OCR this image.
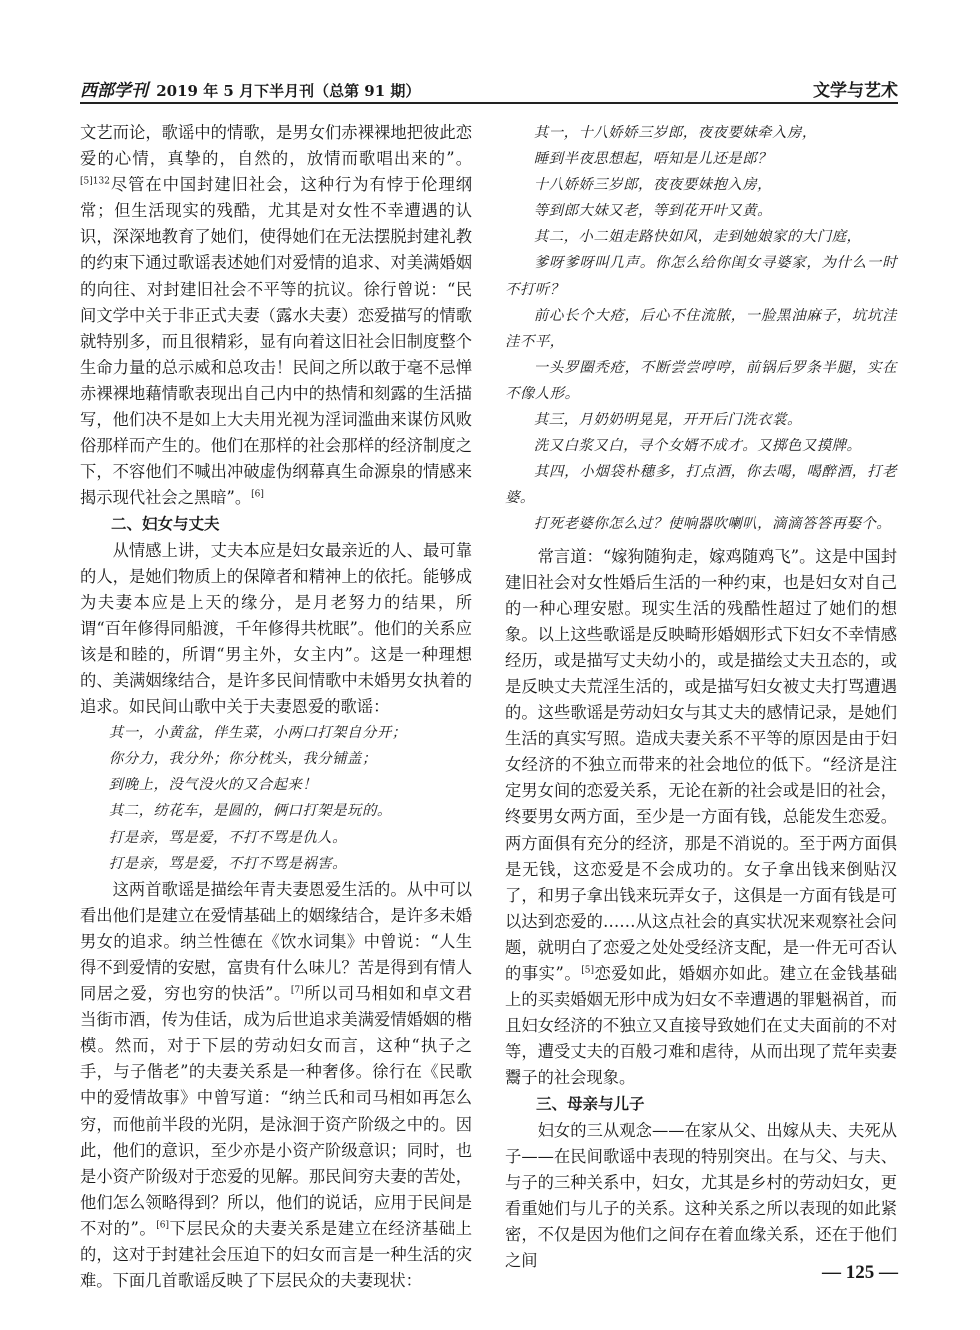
西部学刊 2019 年 5 月下半月刊（总第 91 期）	文学与艺术

文艺而论，歌谣中的情歌，是男女们赤裸裸地把彼此恋爱的心情，真挚的，自然的，放情而歌唱出来的”。$^{[5]132}$尽管在中国封建旧社会，这种行为有悖于伦理纲常；但生活现实的残酷，尤其是对女性不幸遭遇的认识，深深地教育了她们，使得她们在无法摆脱封建礼教的约束下通过歌谣表述她们对爱情的追求、对美满婚姻的向往、对封建旧社会不平等的抗议。徐行曾说：“民间文学中关于非正式夫妻（露水夫妻）恋爱描写的情歌就特别多，而且很精彩，显有向着这旧社会旧制度整个生命力量的总示威和总攻击！民间之所以敢于毫不忌惮赤裸裸地藉情歌表现出自己内中的热情和刻露的生活描写，他们决不是如上大夫用光视为淫词滥曲来谋仿风败俗那样而产生的。他们在那样的社会那样的经济制度之下，不容他们不喊出冲破虚伪纲幕真生命源泉的情感来揭示现代社会之黑暗”。[6]

二、妇女与丈夫

从情感上讲，丈夫本应是妇女最亲近的人、最可靠的人，是她们物质上的保障者和精神上的依托。能够成为夫妻本应是上天的缘分，是月老努力的结果，所谓“百年修得同船渡，千年修得共枕眠”。他们的关系应该是和睦的，所谓“男主外，女主内”。这是一种理想的、美满姻缘结合，是许多民间情歌中未婚男女执着的追求。如民间山歌中关于夫妻恩爱的歌谣：

其一，小黄盆，伴生菜，小两口打架自分开；

你分力，我分外；你分枕头，我分铺盖；

到晚上，没气没火的又合起来！

其二，纺花车，是圆的，俩口打架是玩的。

打是亲，骂是爱，不打不骂是仇人。

打是亲，骂是爱，不打不骂是祸害。

这两首歌谣是描绘年青夫妻恩爱生活的。从中可以看出他们是建立在爱情基础上的姻缘结合，是许多未婚男女的追求。纳兰性德在《饮水词集》中曾说：“人生得不到爱情的安慰，富贵有什么味儿？苦是得到有情人同居之爱，穷也穷的快活”。[7]所以司马相如和卓文君当街市酒，传为佳话，成为后世追求美满爱情婚姻的楷模。然而，对于下层的劳动妇女而言，这种“执子之手，与子偕老”的夫妻关系是一种奢侈。徐行在《民歌中的爱情故事》中曾写道：“纳兰氏和司马相如再怎么穷，而他前半段的光阴，是泳洄于资产阶级之中的。因此，他们的意识，至少亦是小资产阶级意识；同时，也是小资产阶级对于恋爱的见解。那民间穷夫妻的苦处，他们怎么领略得到？所以，他们的说话，应用于民间是不对的”。[6]下层民众的夫妻关系是建立在经济基础上的，这对于封建社会压迫下的妇女而言是一种生活的灾难。下面几首歌谣反映了下层民众的夫妻现状：

其一，十八娇娇三岁郎，夜夜要妹牵入房，

睡到半夜思想起，唔知是儿还是郎？

十八娇娇三岁郎，夜夜要妹抱入房，

等到郎大妹又老，等到花开叶又黄。

其二，小二姐走路快如风，走到她娘家的大门庭，

爹呀爹呀叫几声。你怎么给你闺女寻婆家，为什么一时不打听？

前心长个大疮，后心不住流脓，一脸黑油麻子，坑坑洼洼不平，

一头罗圈秃疮，不断尝尝哼哼，前锅后罗条半腿，实在不像人形。

其三，月奶奶明晃晃，开开后门洗衣裳。

洗又白浆又白，寻个女婿不成才。又掷色又摸牌。

其四，小烟袋朴穗多，打点酒，你去喝，喝醉酒，打老婆。

打死老婆你怎么过？使响器吹喇叭，滴滴答答再娶个。

常言道：“嫁狗随狗走，嫁鸡随鸡飞”。这是中国封建旧社会对女性婚后生活的一种约束，也是妇女对自己的一种心理安慰。现实生活的残酷性超过了她们的想象。以上这些歌谣是反映畸形婚姻形式下妇女不幸情感经历，或是描写丈夫幼小的，或是描绘丈夫丑态的，或是反映丈夫荒淫生活的，或是描写妇女被丈夫打骂遭遇的。这些歌谣是劳动妇女与其丈夫的感情记录，是她们生活的真实写照。造成夫妻关系不平等的原因是由于妇女经济的不独立而带来的社会地位的低下。“经济是注定男女间的恋爱关系，无论在新的社会或是旧的社会，终要男女两方面，至少是一方面有钱，总能发生恋爱。两方面俱有充分的经济，那是不消说的。至于两方面俱是无钱，这恋爱是不会成功的。女子拿出钱来倒贴汉了，和男子拿出钱来玩弄女子，这俱是一方面有钱是可以达到恋爱的……从这点社会的真实状况来观察社会问题，就明白了恋爱之处处受经济支配，是一件无可否认的事实”。[5]恋爱如此，婚姻亦如此。建立在金钱基础上的买卖婚姻无形中成为妇女不幸遭遇的罪魁祸首，而且妇女经济的不独立又直接导致她们在丈夫面前的不对等，遭受丈夫的百般刁难和虐待，从而出现了荒年卖妻鬻子的社会现象。

三、母亲与儿子

妇女的三从观念——在家从父、出嫁从夫、夫死从子——在民间歌谣中表现的特别突出。在与父、与夫、与子的三种关系中，妇女，尤其是乡村的劳动妇女，更看重她们与儿子的关系。这种关系之所以表现的如此紧密，不仅是因为他们之间存在着血缘关系，还在于他们之间

— 125 —
